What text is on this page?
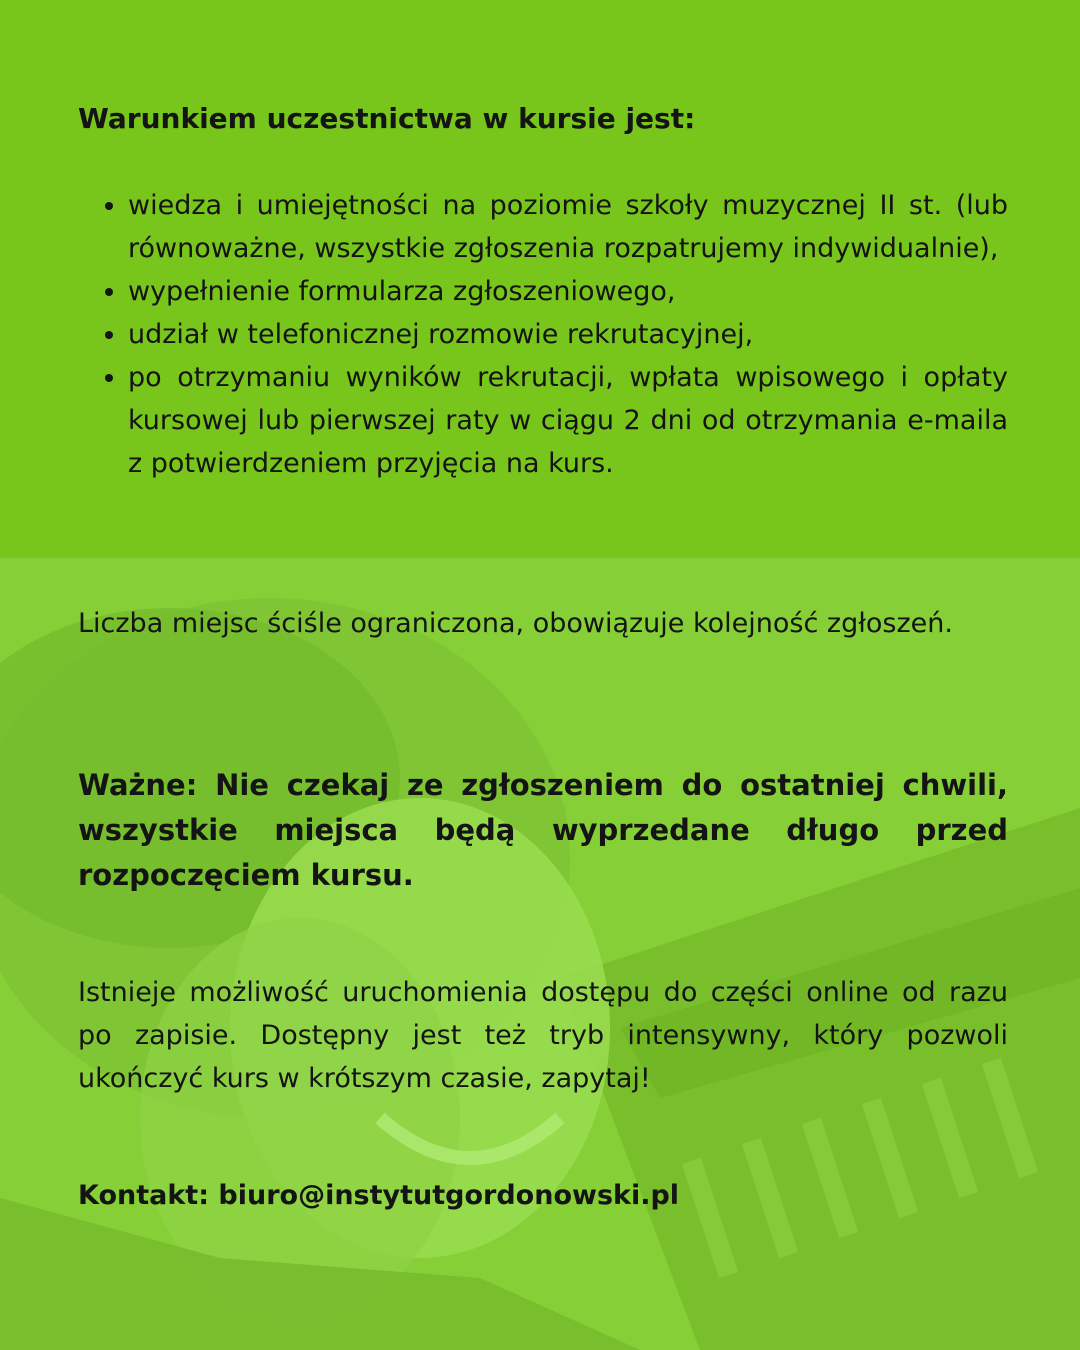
Warunkiem uczestnictwa w kursie jest:

wiedza i umiejętności na poziomie szkoły muzycznej II st. (lub równoważne, wszystkie zgłoszenia rozpatrujemy indywidualnie),
wypełnienie formularza zgłoszeniowego,
udział w telefonicznej rozmowie rekrutacyjnej,
po otrzymaniu wyników rekrutacji, wpłata wpisowego i opłaty kursowej lub pierwszej raty w ciągu 2 dni od otrzymania e-maila z potwierdzeniem przyjęcia na kurs.

Liczba miejsc ściśle ograniczona, obowiązuje kolejność zgłoszeń.

Ważne: Nie czekaj ze zgłoszeniem do ostatniej chwili, wszystkie miejsca będą wyprzedane długo przed rozpoczęciem kursu.

Istnieje możliwość uruchomienia dostępu do części online od razu po zapisie. Dostępny jest też tryb intensywny, który pozwoli ukończyć kurs w krótszym czasie, zapytaj!

Kontakt: biuro@instytutgordonowski.pl
